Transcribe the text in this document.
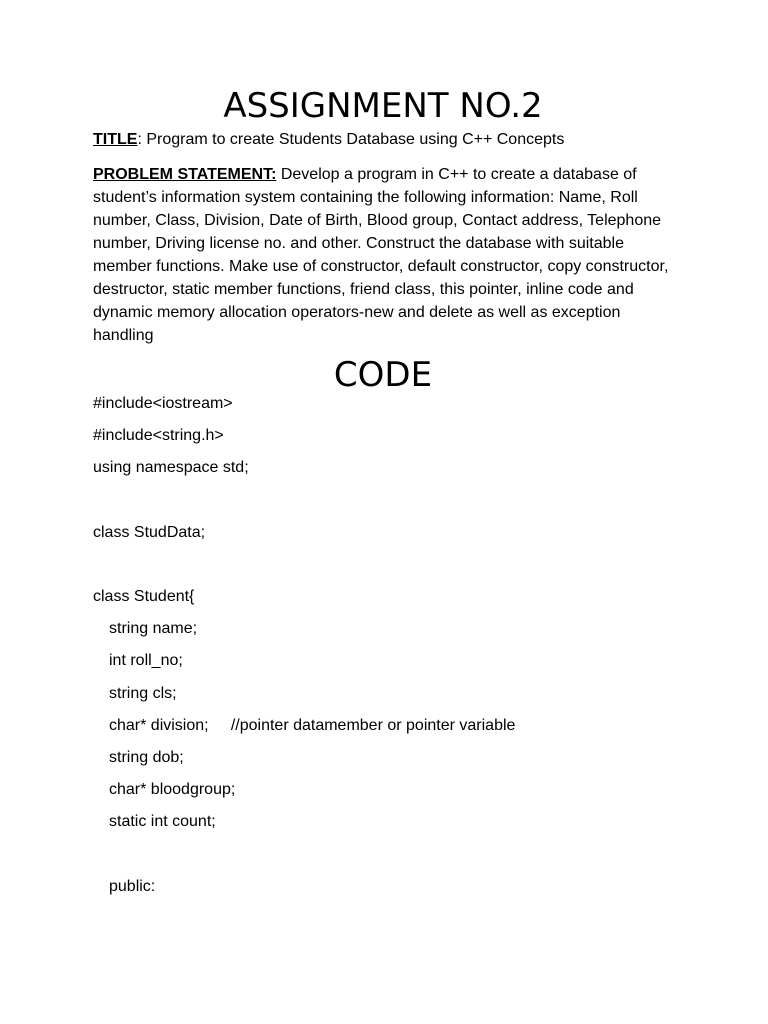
ASSIGNMENT NO.2
TITLE: Program to create Students Database using C++ Concepts
PROBLEM STATEMENT: Develop a program in C++ to create a database of student’s information system containing the following information: Name, Roll number, Class, Division, Date of Birth, Blood group, Contact address, Telephone number, Driving license no. and other. Construct the database with suitable member functions. Make use of constructor, default constructor, copy constructor, destructor, static member functions, friend class, this pointer, inline code and dynamic memory allocation operators-new and delete as well as exception handling
CODE
#include<iostream>
#include<string.h>
using namespace std;
class StudData;
class Student{
string name;
int roll_no;
string cls;
char* division;     //pointer datamember or pointer variable
string dob;
char* bloodgroup;
static int count;
public:
